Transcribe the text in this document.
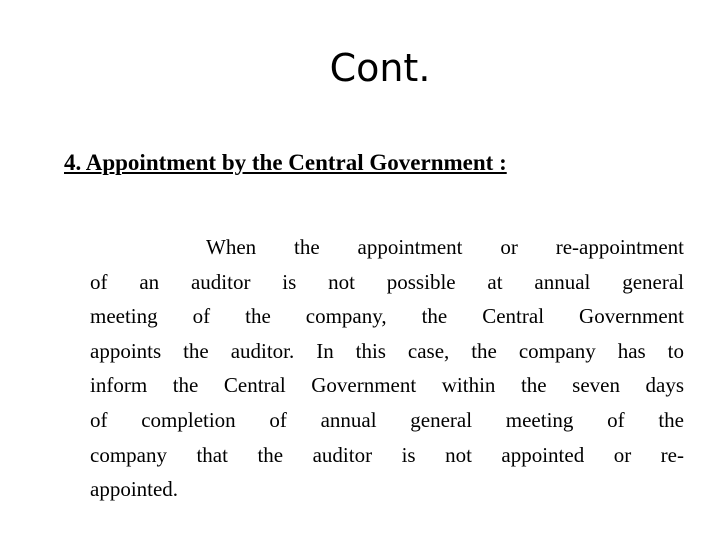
Cont.
4. Appointment by the Central Government :
When the appointment or re-appointment
of an auditor is not possible at annual general
meeting of the company, the Central Government
appoints the auditor. In this case, the company has to
inform the Central Government within the seven days
of completion of annual general meeting of the
company that the auditor is not appointed or re-
appointed.
